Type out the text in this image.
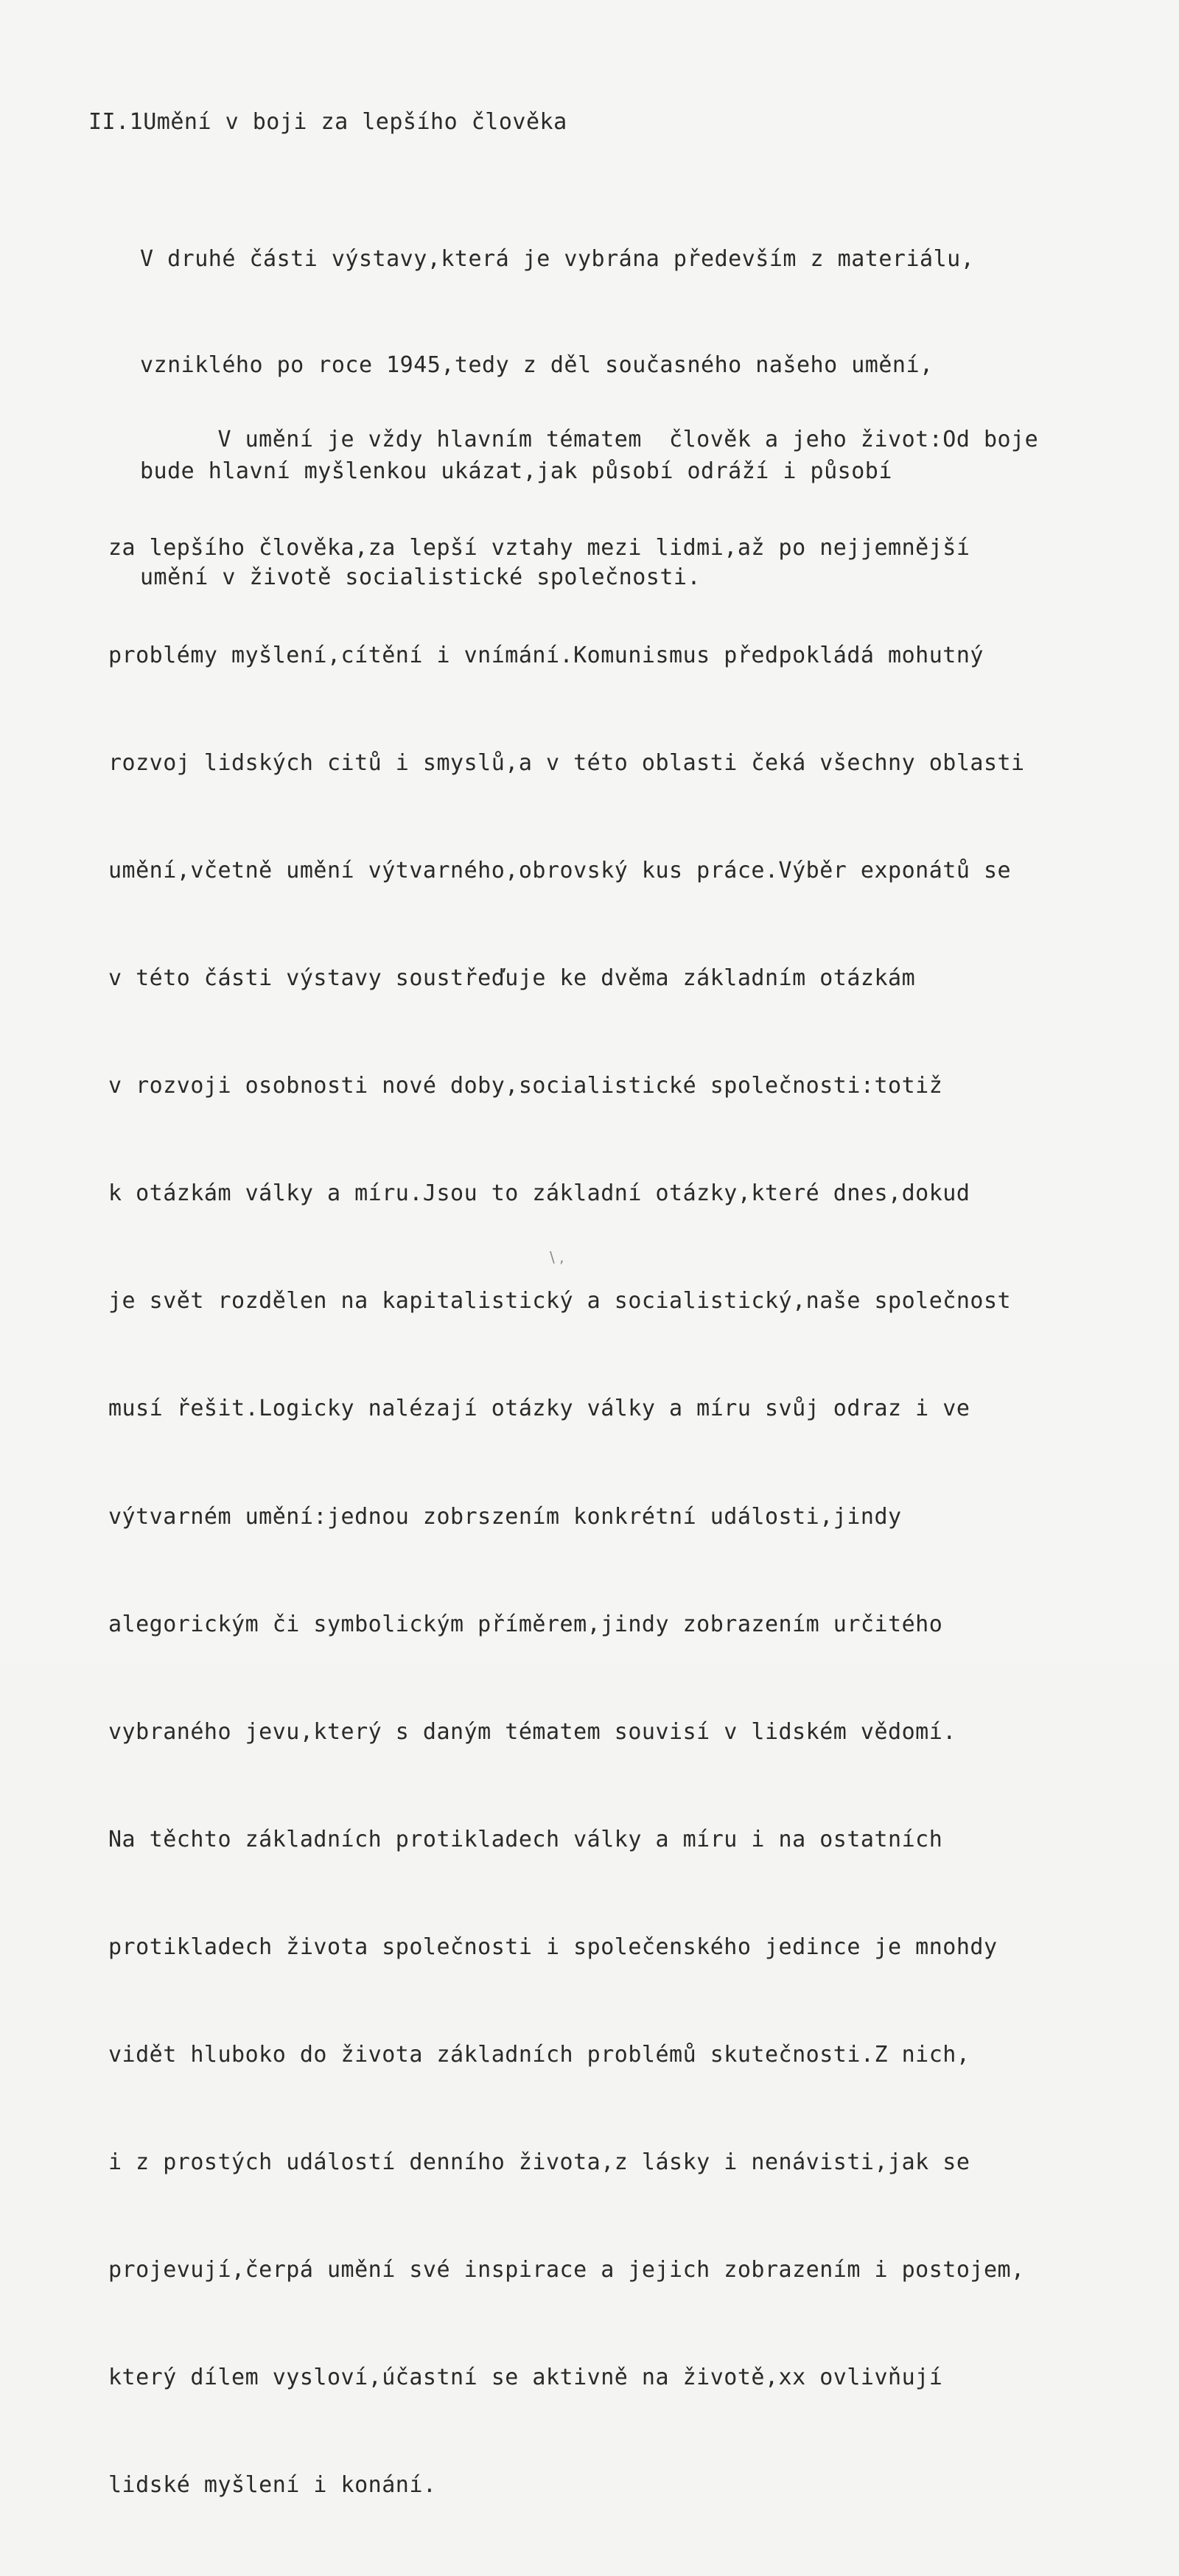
II.1Umění v boji za lepšího člověka

V druhé části výstavy,která je vybrána především z materiálu,

vzniklého po roce 1945,tedy z děl současného našeho umění,

bude hlavní myšlenkou ukázat,jak působí odráží i působí

umění v životě socialistické společnosti.

V umění je vždy hlavním tématem  člověk a jeho život:Od boje

za lepšího člověka,za lepší vztahy mezi lidmi,až po nejjemnější

problémy myšlení,cítění i vnímání.Komunismus předpokládá mohutný

rozvoj lidských citů i smyslů,a v této oblasti čeká všechny oblasti

umění,včetně umění výtvarného,obrovský kus práce.Výběr exponátů se

v této části výstavy soustřeďuje ke dvěma základním otázkám

v rozvoji osobnosti nové doby,socialistické společnosti:totiž

k otázkám války a míru.Jsou to základní otázky,které dnes,dokud

je svět rozdělen na kapitalistický a socialistický,naše společnost

musí řešit.Logicky nalézají otázky války a míru svůj odraz i ve

výtvarném umění:jednou zobrszením konkrétní události,jindy

alegorickým či symbolickým příměrem,jindy zobrazením určitého

vybraného jevu,který s daným tématem souvisí v lidském vědomí.

Na těchto základních protikladech války a míru i na ostatních

protikladech života společnosti i společenského jedince je mnohdy

vidět hluboko do života základních problémů skutečnosti.Z nich,

i z prostých událostí denního života,z lásky i nenávisti,jak se

projevují,čerpá umění své inspirace a jejich zobrazením i postojem,

který dílem vysloví,účastní se aktivně na životě,xx ovlivňují

lidské myšlení i konání.

\ ,
